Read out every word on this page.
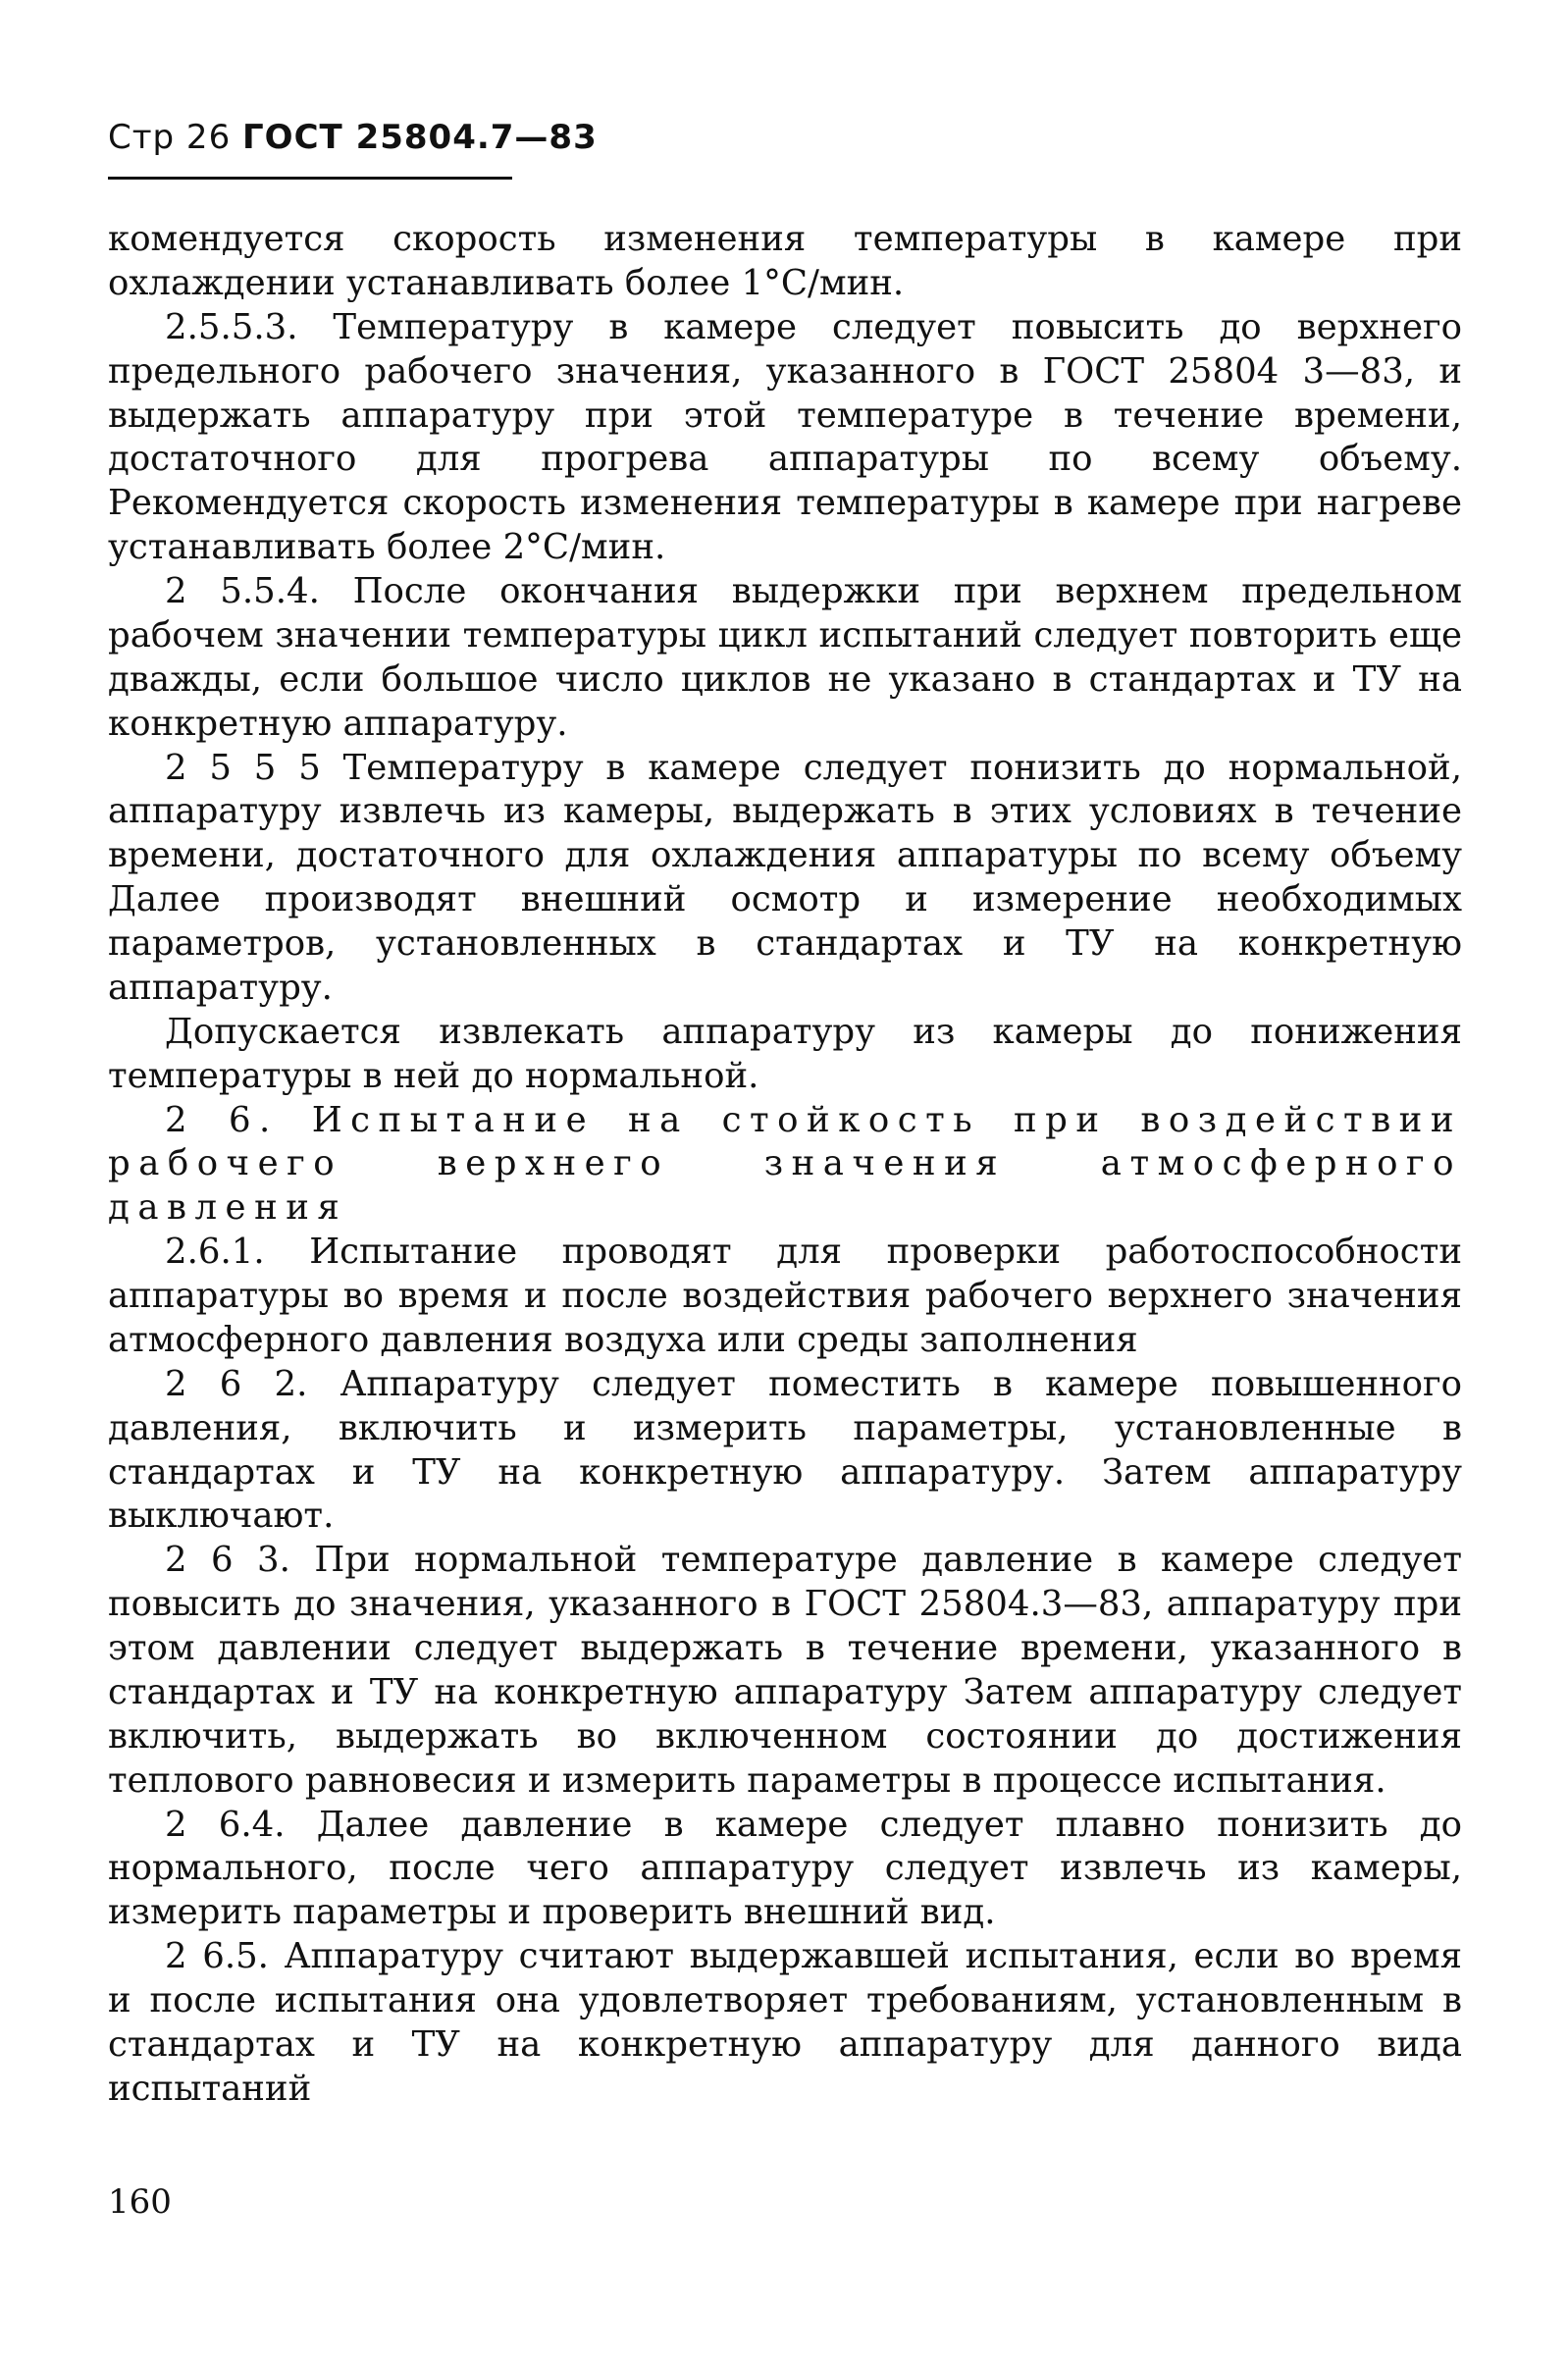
Стр 26 ГОСТ 25804.7—83

комендуется скорость изменения температуры в камере при охлаждении устанавливать более 1°С/мин.

2.5.5.3. Температуру в камере следует повысить до верхнего предельного рабочего значения, указанного в ГОСТ 25804 3—83, и выдержать аппаратуру при этой температуре в течение времени, достаточного для прогрева аппаратуры по всему объему. Рекомендуется скорость изменения температуры в камере при нагреве устанавливать более 2°С/мин.

2 5.5.4. После окончания выдержки при верхнем предельном рабочем значении температуры цикл испытаний следует повторить еще дважды, если большое число циклов не указано в стандартах и ТУ на конкретную аппаратуру.

2 5 5 5 Температуру в камере следует понизить до нормальной, аппаратуру извлечь из камеры, выдержать в этих условиях в течение времени, достаточного для охлаждения аппаратуры по всему объему Далее производят внешний осмотр и измерение необходимых параметров, установленных в стандартах и ТУ на конкретную аппаратуру.

Допускается извлекать аппаратуру из камеры до понижения температуры в ней до нормальной.

2 6. Испытание на стойкость при воздействии рабочего верхнего значения атмосферного давления

2.6.1. Испытание проводят для проверки работоспособности аппаратуры во время и после воздействия рабочего верхнего значения атмосферного давления воздуха или среды заполнения

2 6 2. Аппаратуру следует поместить в камере повышенного давления, включить и измерить параметры, установленные в стандартах и ТУ на конкретную аппаратуру. Затем аппаратуру выключают.

2 6 3. При нормальной температуре давление в камере следует повысить до значения, указанного в ГОСТ 25804.3—83, аппаратуру при этом давлении следует выдержать в течение времени, указанного в стандартах и ТУ на конкретную аппаратуру Затем аппаратуру следует включить, выдержать во включенном состоянии до достижения теплового равновесия и измерить параметры в процессе испытания.

2 6.4. Далее давление в камере следует плавно понизить до нормального, после чего аппаратуру следует извлечь из камеры, измерить параметры и проверить внешний вид.

2 6.5. Аппаратуру считают выдержавшей испытания, если во время и после испытания она удовлетворяет требованиям, установленным в стандартах и ТУ на конкретную аппаратуру для данного вида испытаний

160
